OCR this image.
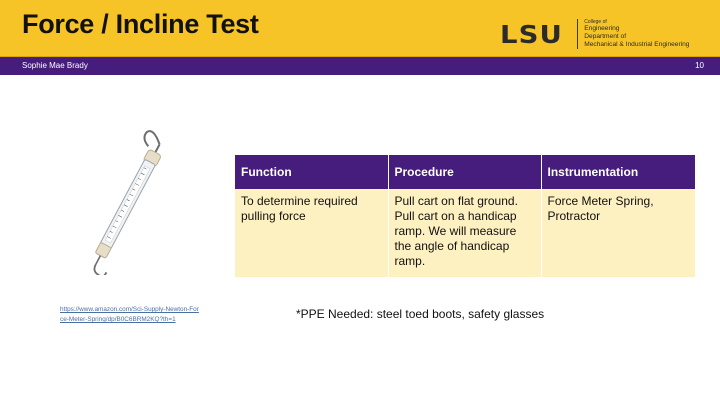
Force / Incline Test	LSU	College of
Engineering
Department of
Mechanical & Industrial Engineering
Sophie Mae Brady	10
https://www.amazon.com/Sci-Supply-Newton-Force-Meter-Spring/dp/B0C6BRM2KQ?th=1
Function	Procedure	Instrumentation
To determine required pulling force	Pull cart on flat ground. Pull cart on a handicap ramp. We will measure the angle of handicap ramp.	Force Meter Spring, Protractor
*PPE Needed: steel toed boots, safety glasses
